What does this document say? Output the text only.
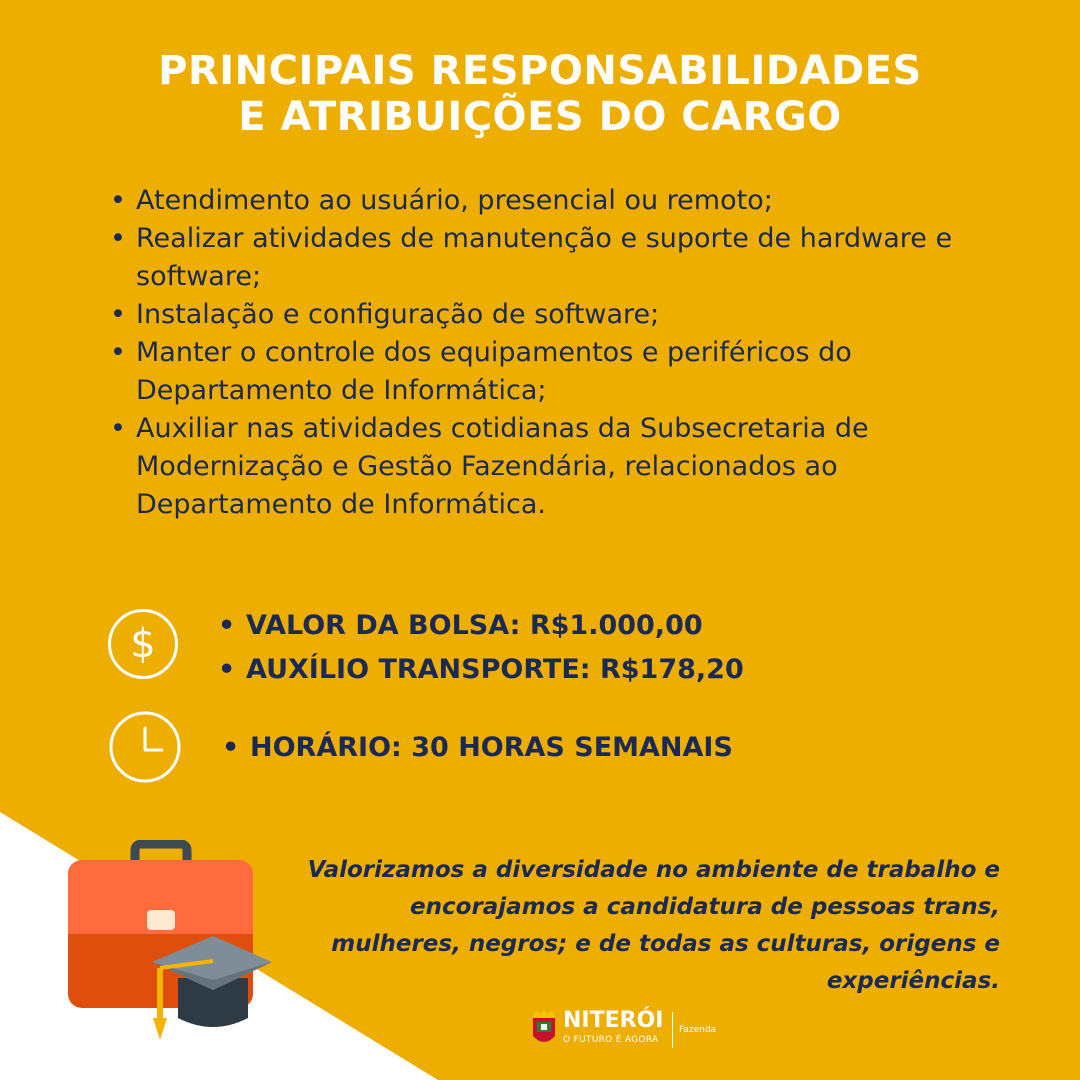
PRINCIPAIS RESPONSABILIDADES
E ATRIBUIÇÕES DO CARGO
• Atendimento ao usuário, presencial ou remoto;
• Realizar atividades de manutenção e suporte de hardware e software;
• Instalação e configuração de software;
• Manter o controle dos equipamentos e periféricos do Departamento de Informática;
• Auxiliar nas atividades cotidianas da Subsecretaria de Modernização e Gestão Fazendária, relacionados ao Departamento de Informática.
$
•	VALOR DA BOLSA: R$1.000,00
• AUXÍLIO TRANSPORTE: R$178,20
• HORÁRIO: 30 HORAS SEMANAIS
Valorizamos a diversidade no ambiente de trabalho e
encorajamos a candidatura de pessoas trans,
mulheres, negros; e de todas as culturas, origens e
experiências.
NITERÓI
O FUTURO É AGORA
Fazenda
